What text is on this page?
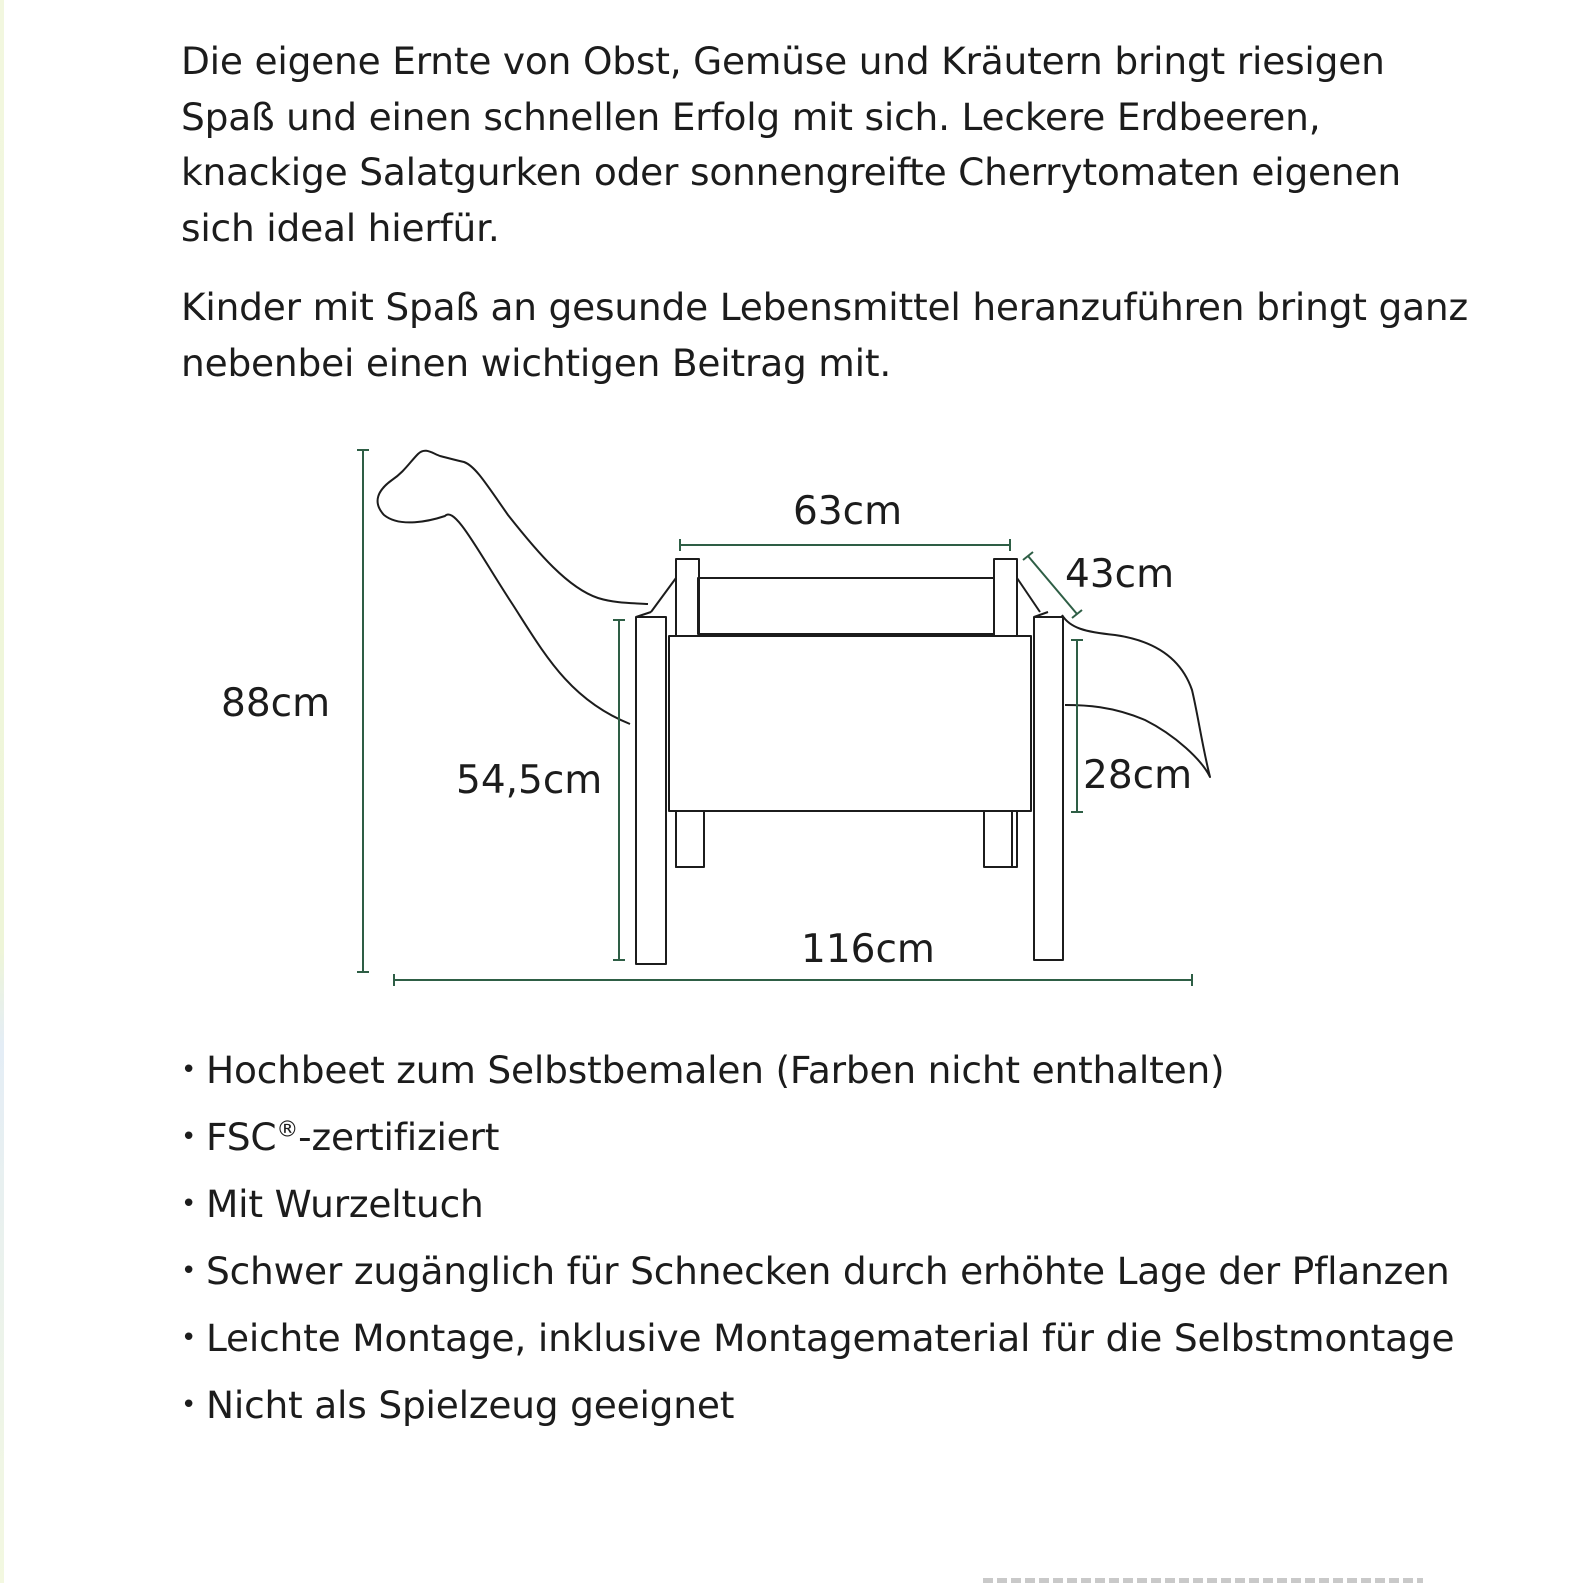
Die eigene Ernte von Obst, Gemüse und Kräutern bringt riesigen Spaß und einen schnellen Erfolg mit sich. Leckere Erdbeeren, knackige Salatgurken oder sonnengreifte Cherrytomaten eigenen sich ideal hierfür.

Kinder mit Spaß an gesunde Lebensmittel heranzuführen bringt ganz nebenbei einen wichtigen Beitrag mit.

63cm
43cm
88cm
54,5cm	28cm
116cm
• Hochbeet zum Selbstbemalen (Farben nicht enthalten)
• FSC®-zertifiziert
• Mit Wurzeltuch
• Schwer zugänglich für Schnecken durch erhöhte Lage der Pflanzen
• Leichte Montage, inklusive Montagematerial für die Selbstmontage
• Nicht als Spielzeug geeignet
